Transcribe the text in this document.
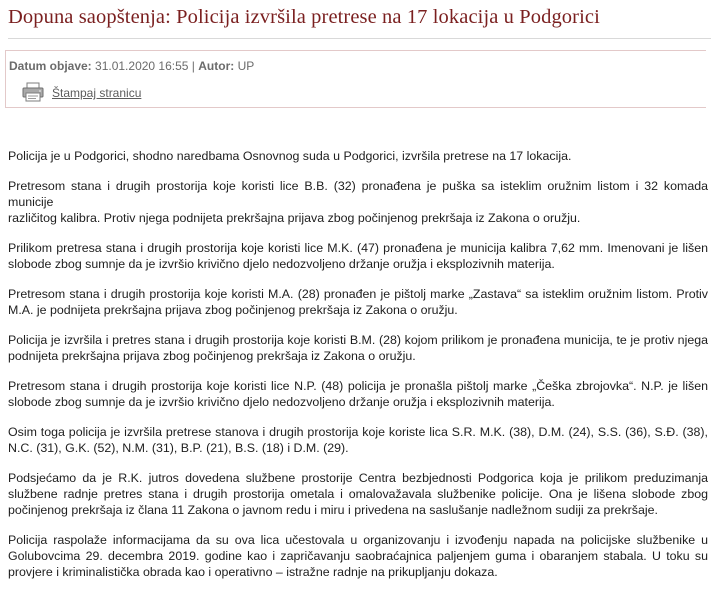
Dopuna saopštenja: Policija izvršila pretrese na 17 lokacija u Podgorici
Datum objave: 31.01.2020 16:55 | Autor: UP
Štampaj stranicu

Policija je u Podgorici, shodno naredbama Osnovnog suda u Podgorici, izvršila pretrese na 17 lokacija.

Pretresom stana i drugih prostorija koje koristi lice B.B. (32) pronađena je puška sa isteklim oružnim listom i 32 komada municije
različitog kalibra. Protiv njega podnijeta prekršajna prijava zbog počinjenog prekršaja iz Zakona o oružju.

Prilikom pretresa stana i drugih prostorija koje koristi lice M.K. (47) pronađena je municija kalibra 7,62 mm. Imenovani je lišen
slobode zbog sumnje da je izvršio krivično djelo nedozvoljeno držanje oružja i eksplozivnih materija.

Pretresom stana i drugih prostorija koje koristi M.A. (28) pronađen je pištolj marke „Zastava“ sa isteklim oružnim listom. Protiv
M.A. je podnijeta prekršajna prijava zbog počinjenog prekršaja iz Zakona o oružju.

Policija je izvršila i pretres stana i drugih prostorija koje koristi B.M. (28) kojom prilikom je pronađena municija, te je protiv njega
podnijeta prekršajna prijava zbog počinjenog prekršaja iz Zakona o oružju.

Pretresom stana i drugih prostorija koje koristi lice N.P. (48) policija je pronašla pištolj marke „Češka zbrojovka“. N.P. je lišen
slobode zbog sumnje da je izvršio krivično djelo nedozvoljeno držanje oružja i eksplozivnih materija.

Osim toga policija je izvršila pretrese stanova i drugih prostorija koje koriste lica S.R. M.K. (38), D.M. (24), S.S. (36), S.Đ. (38),
N.C. (31), G.K. (52), N.M. (31), B.P. (21), B.S. (18) i D.M. (29).

Podsjećamo da je R.K. jutros dovedena službene prostorije Centra bezbjednosti Podgorica koja je prilikom preduzimanja
službene radnje pretres stana i drugih prostorija ometala i omalovažavala službenike policije. Ona je lišena slobode zbog
počinjenog prekršaja iz člana 11 Zakona o javnom redu i miru i privedena na saslušanje nadležnom sudiji za prekršaje.

Policija raspolaže informacijama da su ova lica učestovala u organizovanju i izvođenju napada na policijske službenike u
Golubovcima 29. decembra 2019. godine kao i zapričavanju saobraćajnica paljenjem guma i obaranjem stabala. U toku su
provjere i kriminalistička obrada kao i operativno – istražne radnje na prikupljanju dokaza.
